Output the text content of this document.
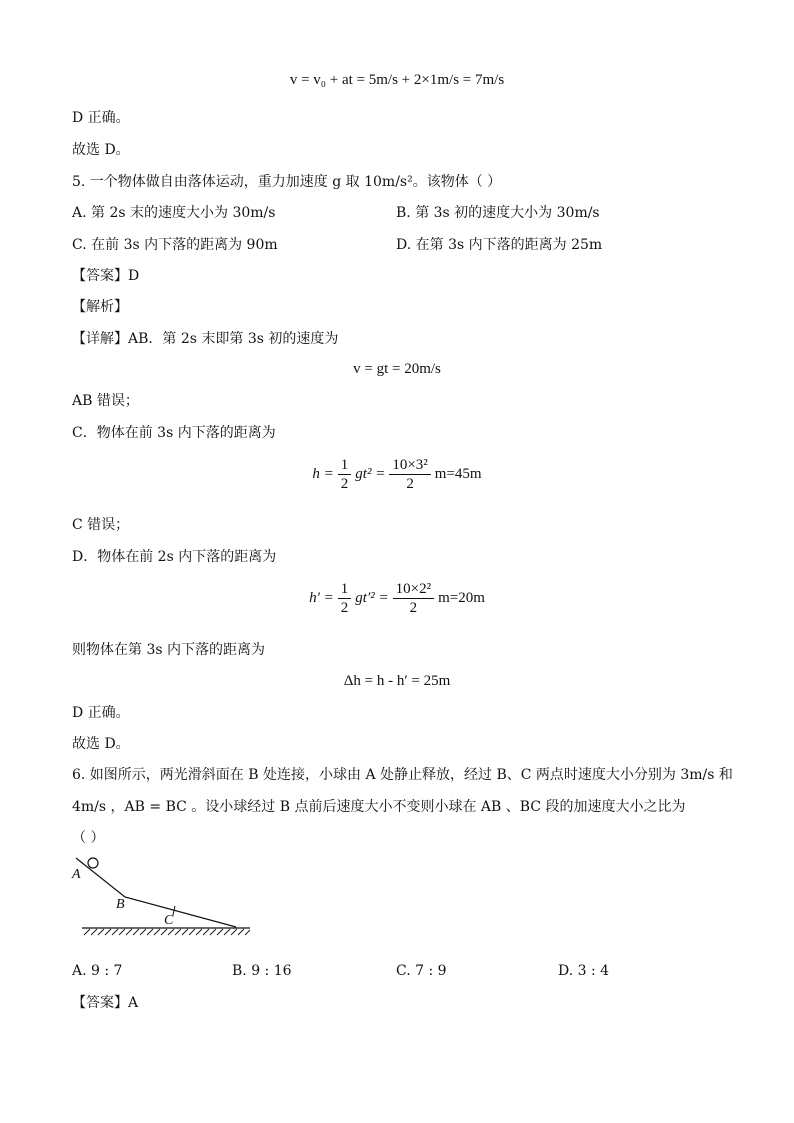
v = v₀ + at = 5m/s + 2×1m/s = 7m/s
D 正确。
故选 D。
5. 一个物体做自由落体运动，重力加速度 g 取 10m/s²。该物体（ ）
A. 第 2s 末的速度大小为 30m/s	B. 第 3s 初的速度大小为 30m/s
C. 在前 3s 内下落的距离为 90m	D. 在第 3s 内下落的距离为 25m
【答案】D
【解析】
【详解】AB．第 2s 末即第 3s 初的速度为
v = gt = 20m/s
AB 错误；
C．物体在前 3s 内下落的距离为
$h = \frac{1}{2} gt^2 = \frac{\text{10×3²}}{2} m=45m$
C 错误；
D．物体在前 2s 内下落的距离为
$h' = \frac{1}{2} gt'^2 = \frac{\text{10×2²}}{2} m=20m$
则物体在第 3s 内下落的距离为
Δh = h - h′ = 25m
D 正确。
故选 D。
6. 如图所示，两光滑斜面在 B 处连接，小球由 A 处静止释放，经过 B、C 两点时速度大小分别为 3m/s 和
4m/s ，AB = BC 。设小球经过 B 点前后速度大小不变则小球在 AB 、BC 段的加速度大小之比为
（ ）
A
B
C
A. 9 : 7	B. 9 : 16	C. 7 : 9	D. 3 : 4
【答案】A
